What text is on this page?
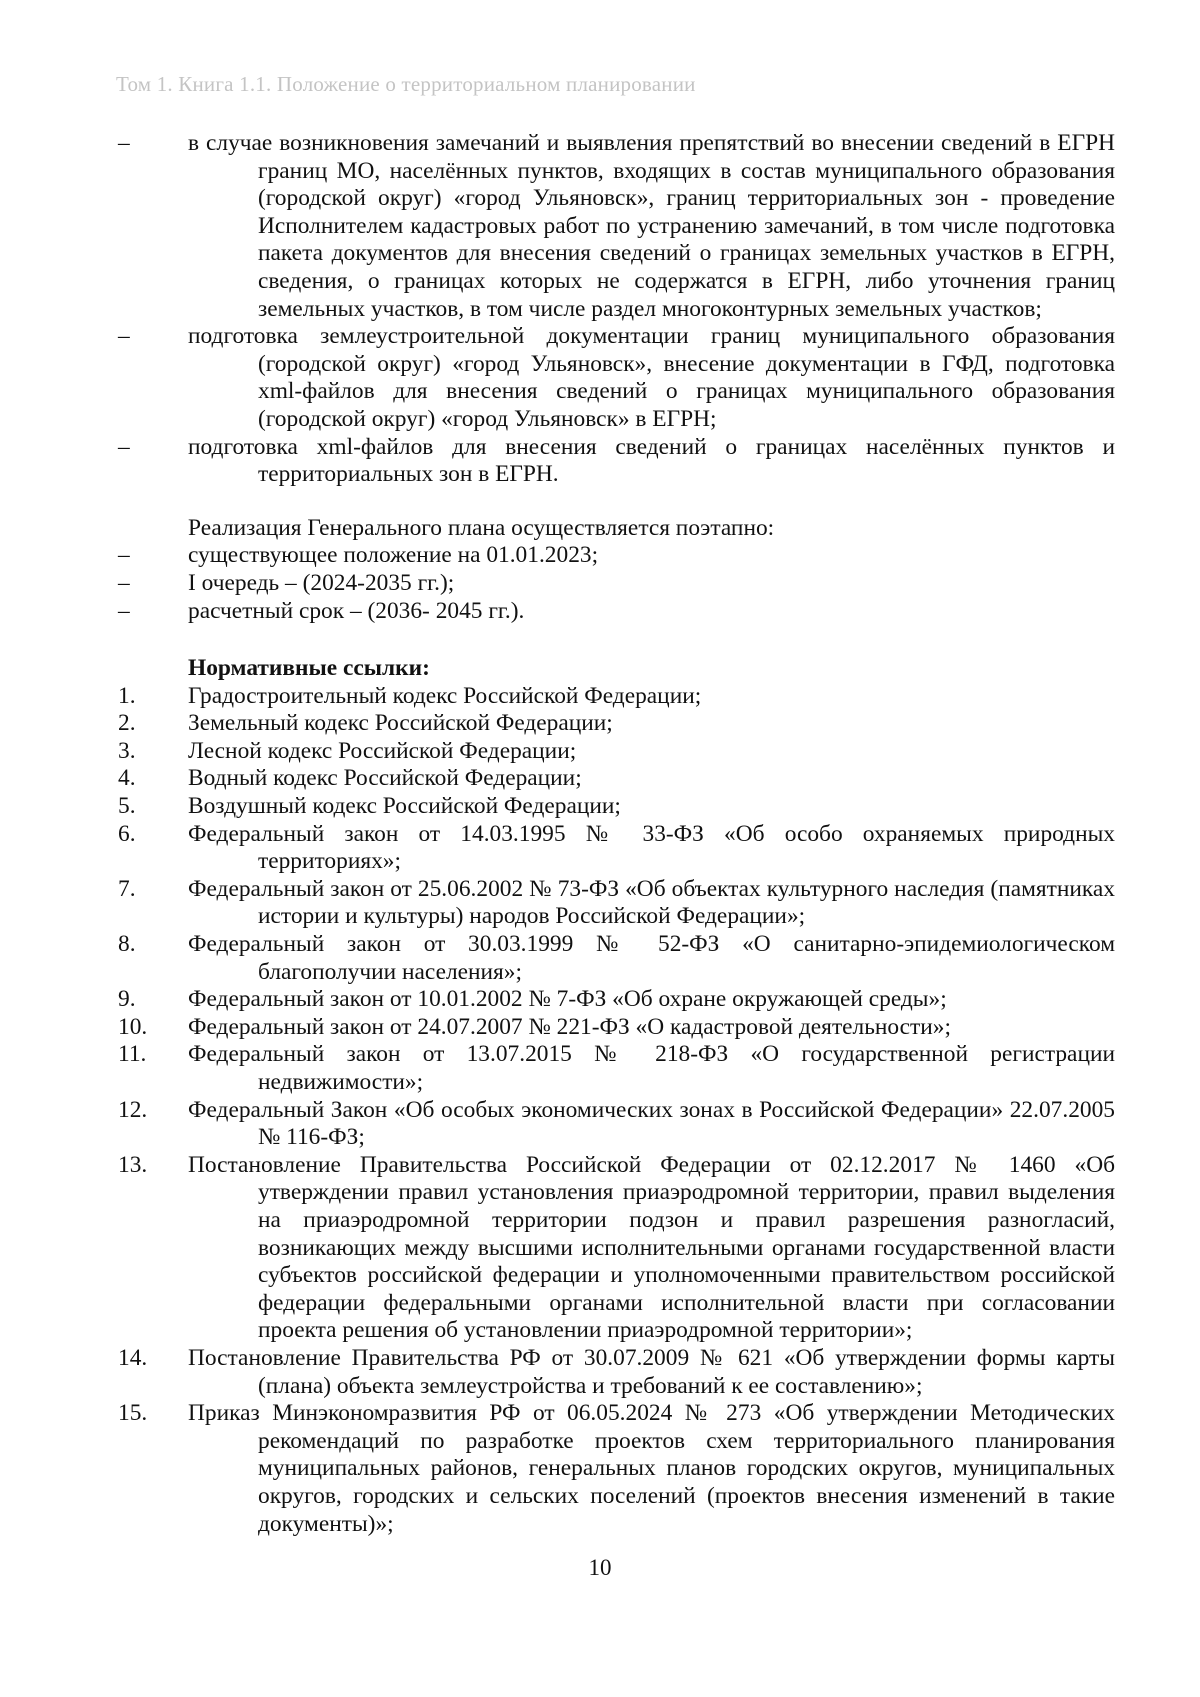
Том 1. Книга 1.1. Положение о территориальном планировании
– в случае возникновения замечаний и выявления препятствий во внесении сведений в ЕГРН границ МО, населённых пунктов, входящих в состав муниципального образования (городской округ) «город Ульяновск», границ территориальных зон - проведение Исполнителем кадастровых работ по устранению замечаний, в том числе подготовка пакета документов для внесения сведений о границах земельных участков в ЕГРН, сведения, о границах которых не содержатся в ЕГРН, либо уточнения границ земельных участков, в том числе раздел многоконтурных земельных участков;
– подготовка землеустроительной документации границ муниципального образования (городской округ) «город Ульяновск», внесение документации в ГФД, подготовка xml-файлов для внесения сведений о границах муниципального образования (городской округ) «город Ульяновск» в ЕГРН;
– подготовка xml-файлов для внесения сведений о границах населённых пунктов и территориальных зон в ЕГРН.
Реализация Генерального плана осуществляется поэтапно:
– существующее положение на 01.01.2023;
– I очередь – (2024-2035 гг.);
– расчетный срок – (2036- 2045 гг.).
Нормативные ссылки:
1. Градостроительный кодекс Российской Федерации;
2. Земельный кодекс Российской Федерации;
3. Лесной кодекс Российской Федерации;
4. Водный кодекс Российской Федерации;
5. Воздушный кодекс Российской Федерации;
6. Федеральный закон от 14.03.1995 № 33-ФЗ «Об особо охраняемых природных территориях»;
7. Федеральный закон от 25.06.2002 № 73-ФЗ «Об объектах культурного наследия (памятниках истории и культуры) народов Российской Федерации»;
8. Федеральный закон от 30.03.1999 № 52-ФЗ «О санитарно-эпидемиологическом благополучии населения»;
9. Федеральный закон от 10.01.2002 № 7-ФЗ «Об охране окружающей среды»;
10. Федеральный закон от 24.07.2007 № 221-ФЗ «О кадастровой деятельности»;
11. Федеральный закон от 13.07.2015 № 218-ФЗ «О государственной регистрации недвижимости»;
12. Федеральный Закон «Об особых экономических зонах в Российской Федерации» 22.07.2005 № 116-ФЗ;
13. Постановление Правительства Российской Федерации от 02.12.2017 № 1460 «Об утверждении правил установления приаэродромной территории, правил выделения на приаэродромной территории подзон и правил разрешения разногласий, возникающих между высшими исполнительными органами государственной власти субъектов российской федерации и уполномоченными правительством российской федерации федеральными органами исполнительной власти при согласовании проекта решения об установлении приаэродромной территории»;
14. Постановление Правительства РФ от 30.07.2009 № 621 «Об утверждении формы карты (плана) объекта землеустройства и требований к ее составлению»;
15. Приказ Минэкономразвития РФ от 06.05.2024 № 273 «Об утверждении Методических рекомендаций по разработке проектов схем территориального планирования муниципальных районов, генеральных планов городских округов, муниципальных округов, городских и сельских поселений (проектов внесения изменений в такие документы)»;
10
